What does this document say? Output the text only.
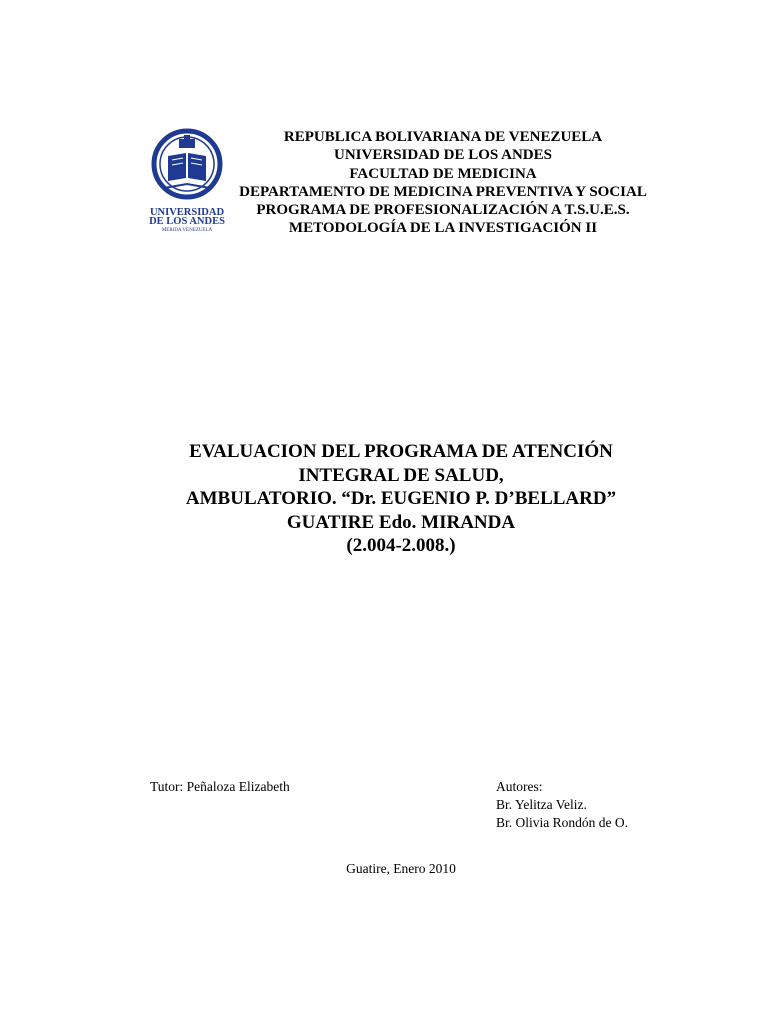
UNIVERSIDAD
DE LOS ANDES
MERIDA VENEZUELA
REPUBLICA BOLIVARIANA DE VENEZUELA
UNIVERSIDAD DE LOS ANDES
FACULTAD DE MEDICINA
DEPARTAMENTO DE MEDICINA PREVENTIVA Y SOCIAL
PROGRAMA DE PROFESIONALIZACIÓN A T.S.U.E.S.
METODOLOGÍA DE LA INVESTIGACIÓN II
EVALUACION DEL PROGRAMA DE ATENCIÓN
INTEGRAL DE SALUD,
AMBULATORIO. “Dr. EUGENIO P. D’BELLARD”
GUATIRE Edo. MIRANDA
(2.004-2.008.)
Tutor: Peñaloza Elizabeth	Autores:
Br. Yelitza Veliz.
Br. Olivia Rondón de O.
Guatire, Enero 2010
